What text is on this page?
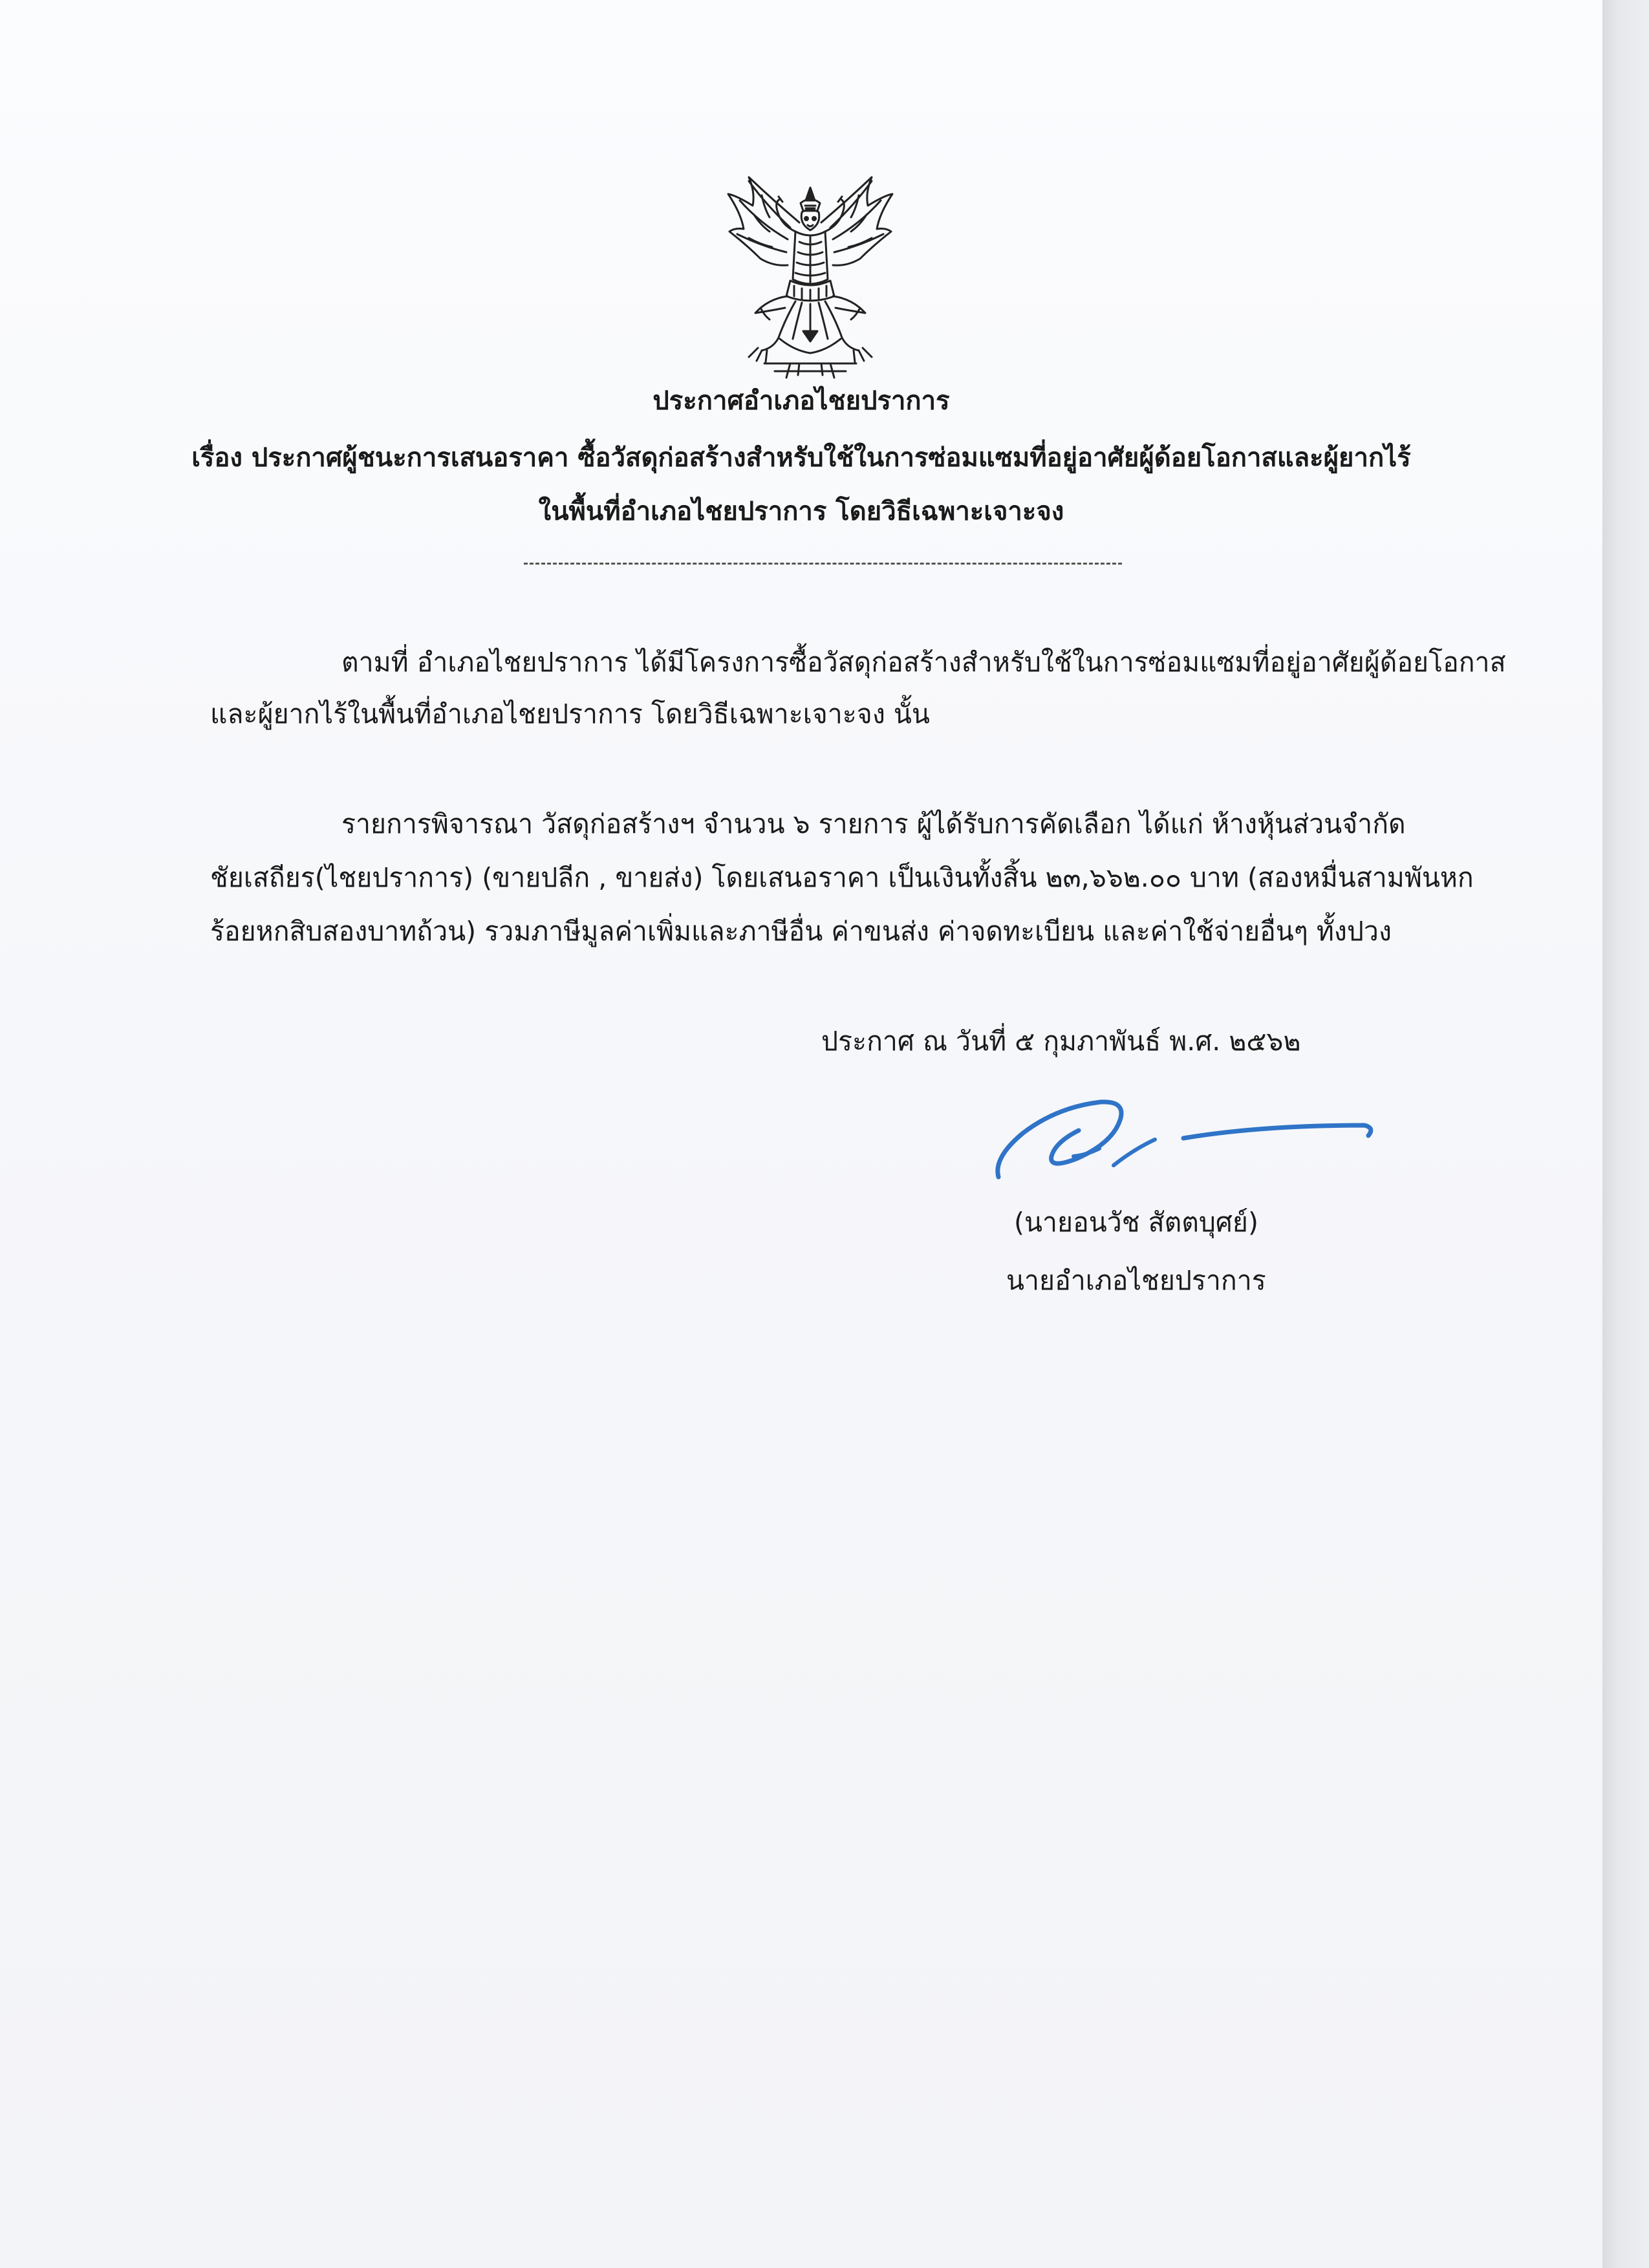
ประกาศอำเภอไชยปราการ
เรื่อง ประกาศผู้ชนะการเสนอราคา ซื้อวัสดุก่อสร้างสำหรับใช้ในการซ่อมแซมที่อยู่อาศัยผู้ด้อยโอกาสและผู้ยากไร้
ในพื้นที่อำเภอไชยปราการ โดยวิธีเฉพาะเจาะจง
ตามที่ อำเภอไชยปราการ ได้มีโครงการซื้อวัสดุก่อสร้างสำหรับใช้ในการซ่อมแซมที่อยู่อาศัยผู้ด้อยโอกาส
และผู้ยากไร้ในพื้นที่อำเภอไชยปราการ โดยวิธีเฉพาะเจาะจง นั้น
รายการพิจารณา วัสดุก่อสร้างฯ จำนวน ๖ รายการ ผู้ได้รับการคัดเลือก ได้แก่ ห้างหุ้นส่วนจำกัด
ชัยเสถียร(ไชยปราการ) (ขายปลีก , ขายส่ง) โดยเสนอราคา เป็นเงินทั้งสิ้น ๒๓,๖๖๒.๐๐ บาท (สองหมื่นสามพันหก
ร้อยหกสิบสองบาทถ้วน) รวมภาษีมูลค่าเพิ่มและภาษีอื่น ค่าขนส่ง ค่าจดทะเบียน และค่าใช้จ่ายอื่นๆ ทั้งปวง
ประกาศ ณ วันที่ ๕ กุมภาพันธ์ พ.ศ. ๒๕๖๒
(นายอนวัช สัตตบุศย์)
นายอำเภอไชยปราการ
